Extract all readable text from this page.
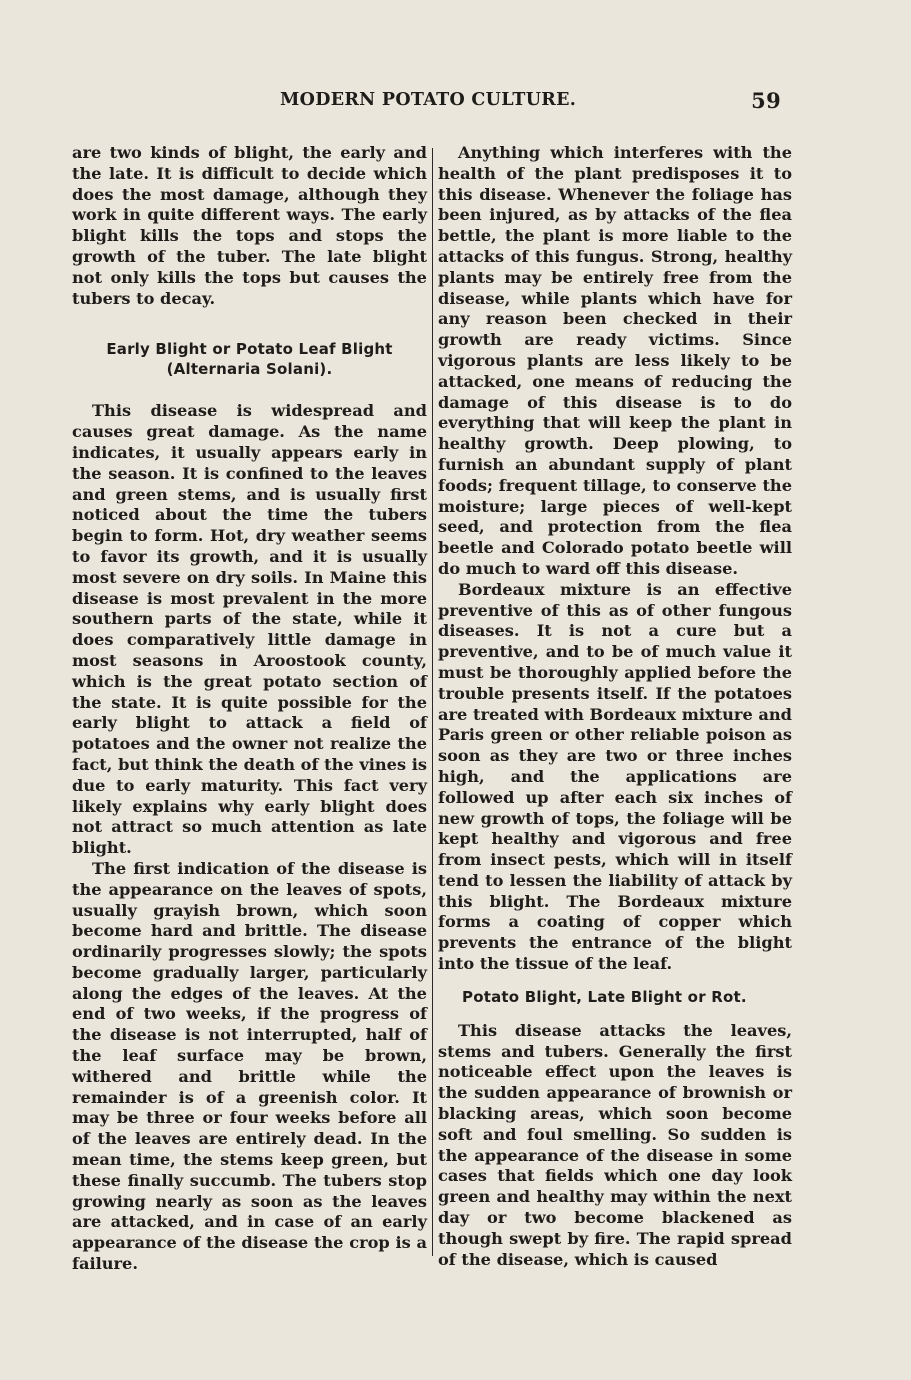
MODERN POTATO CULTURE.	59

are two kinds of blight, the early and the late. It is difficult to decide which does the most damage, although they work in quite different ways. The early blight kills the tops and stops the growth of the tuber. The late blight not only kills the tops but causes the tubers to decay.

Early Blight or Potato Leaf Blight (Alternaria Solani).

This disease is widespread and causes great damage. As the name indicates, it usually appears early in the season. It is confined to the leaves and green stems, and is usually first noticed about the time the tubers begin to form. Hot, dry weather seems to favor its growth, and it is usually most severe on dry soils. In Maine this disease is most prevalent in the more southern parts of the state, while it does comparatively little damage in most seasons in Aroostook county, which is the great potato section of the state. It is quite possible for the early blight to attack a field of potatoes and the owner not realize the fact, but think the death of the vines is due to early maturity. This fact very likely explains why early blight does not attract so much attention as late blight.

The first indication of the disease is the appearance on the leaves of spots, usually grayish brown, which soon become hard and brittle. The disease ordinarily progresses slowly; the spots become gradually larger, particularly along the edges of the leaves. At the end of two weeks, if the progress of the disease is not interrupted, half of the leaf surface may be brown, withered and brittle while the remainder is of a greenish color. It may be three or four weeks before all of the leaves are entirely dead. In the mean time, the stems keep green, but these finally succumb. The tubers stop growing nearly as soon as the leaves are attacked, and in case of an early appearance of the disease the crop is a failure.

Anything which interferes with the health of the plant predisposes it to this disease. Whenever the foliage has been injured, as by attacks of the flea bettle, the plant is more liable to the attacks of this fungus. Strong, healthy plants may be entirely free from the disease, while plants which have for any reason been checked in their growth are ready victims. Since vigorous plants are less likely to be attacked, one means of reducing the damage of this disease is to do everything that will keep the plant in healthy growth. Deep plowing, to furnish an abundant supply of plant foods; frequent tillage, to conserve the moisture; large pieces of well-kept seed, and protection from the flea beetle and Colorado potato beetle will do much to ward off this disease.

Bordeaux mixture is an effective preventive of this as of other fungous diseases. It is not a cure but a preventive, and to be of much value it must be thoroughly applied before the trouble presents itself. If the potatoes are treated with Bordeaux mixture and Paris green or other reliable poison as soon as they are two or three inches high, and the applications are followed up after each six inches of new growth of tops, the foliage will be kept healthy and vigorous and free from insect pests, which will in itself tend to lessen the liability of attack by this blight. The Bordeaux mixture forms a coating of copper which prevents the entrance of the blight into the tissue of the leaf.

Potato Blight, Late Blight or Rot.

This disease attacks the leaves, stems and tubers. Generally the first noticeable effect upon the leaves is the sudden appearance of brownish or blacking areas, which soon become soft and foul smelling. So sudden is the appearance of the disease in some cases that fields which one day look green and healthy may within the next day or two become blackened as though swept by fire. The rapid spread of the disease, which is caused
